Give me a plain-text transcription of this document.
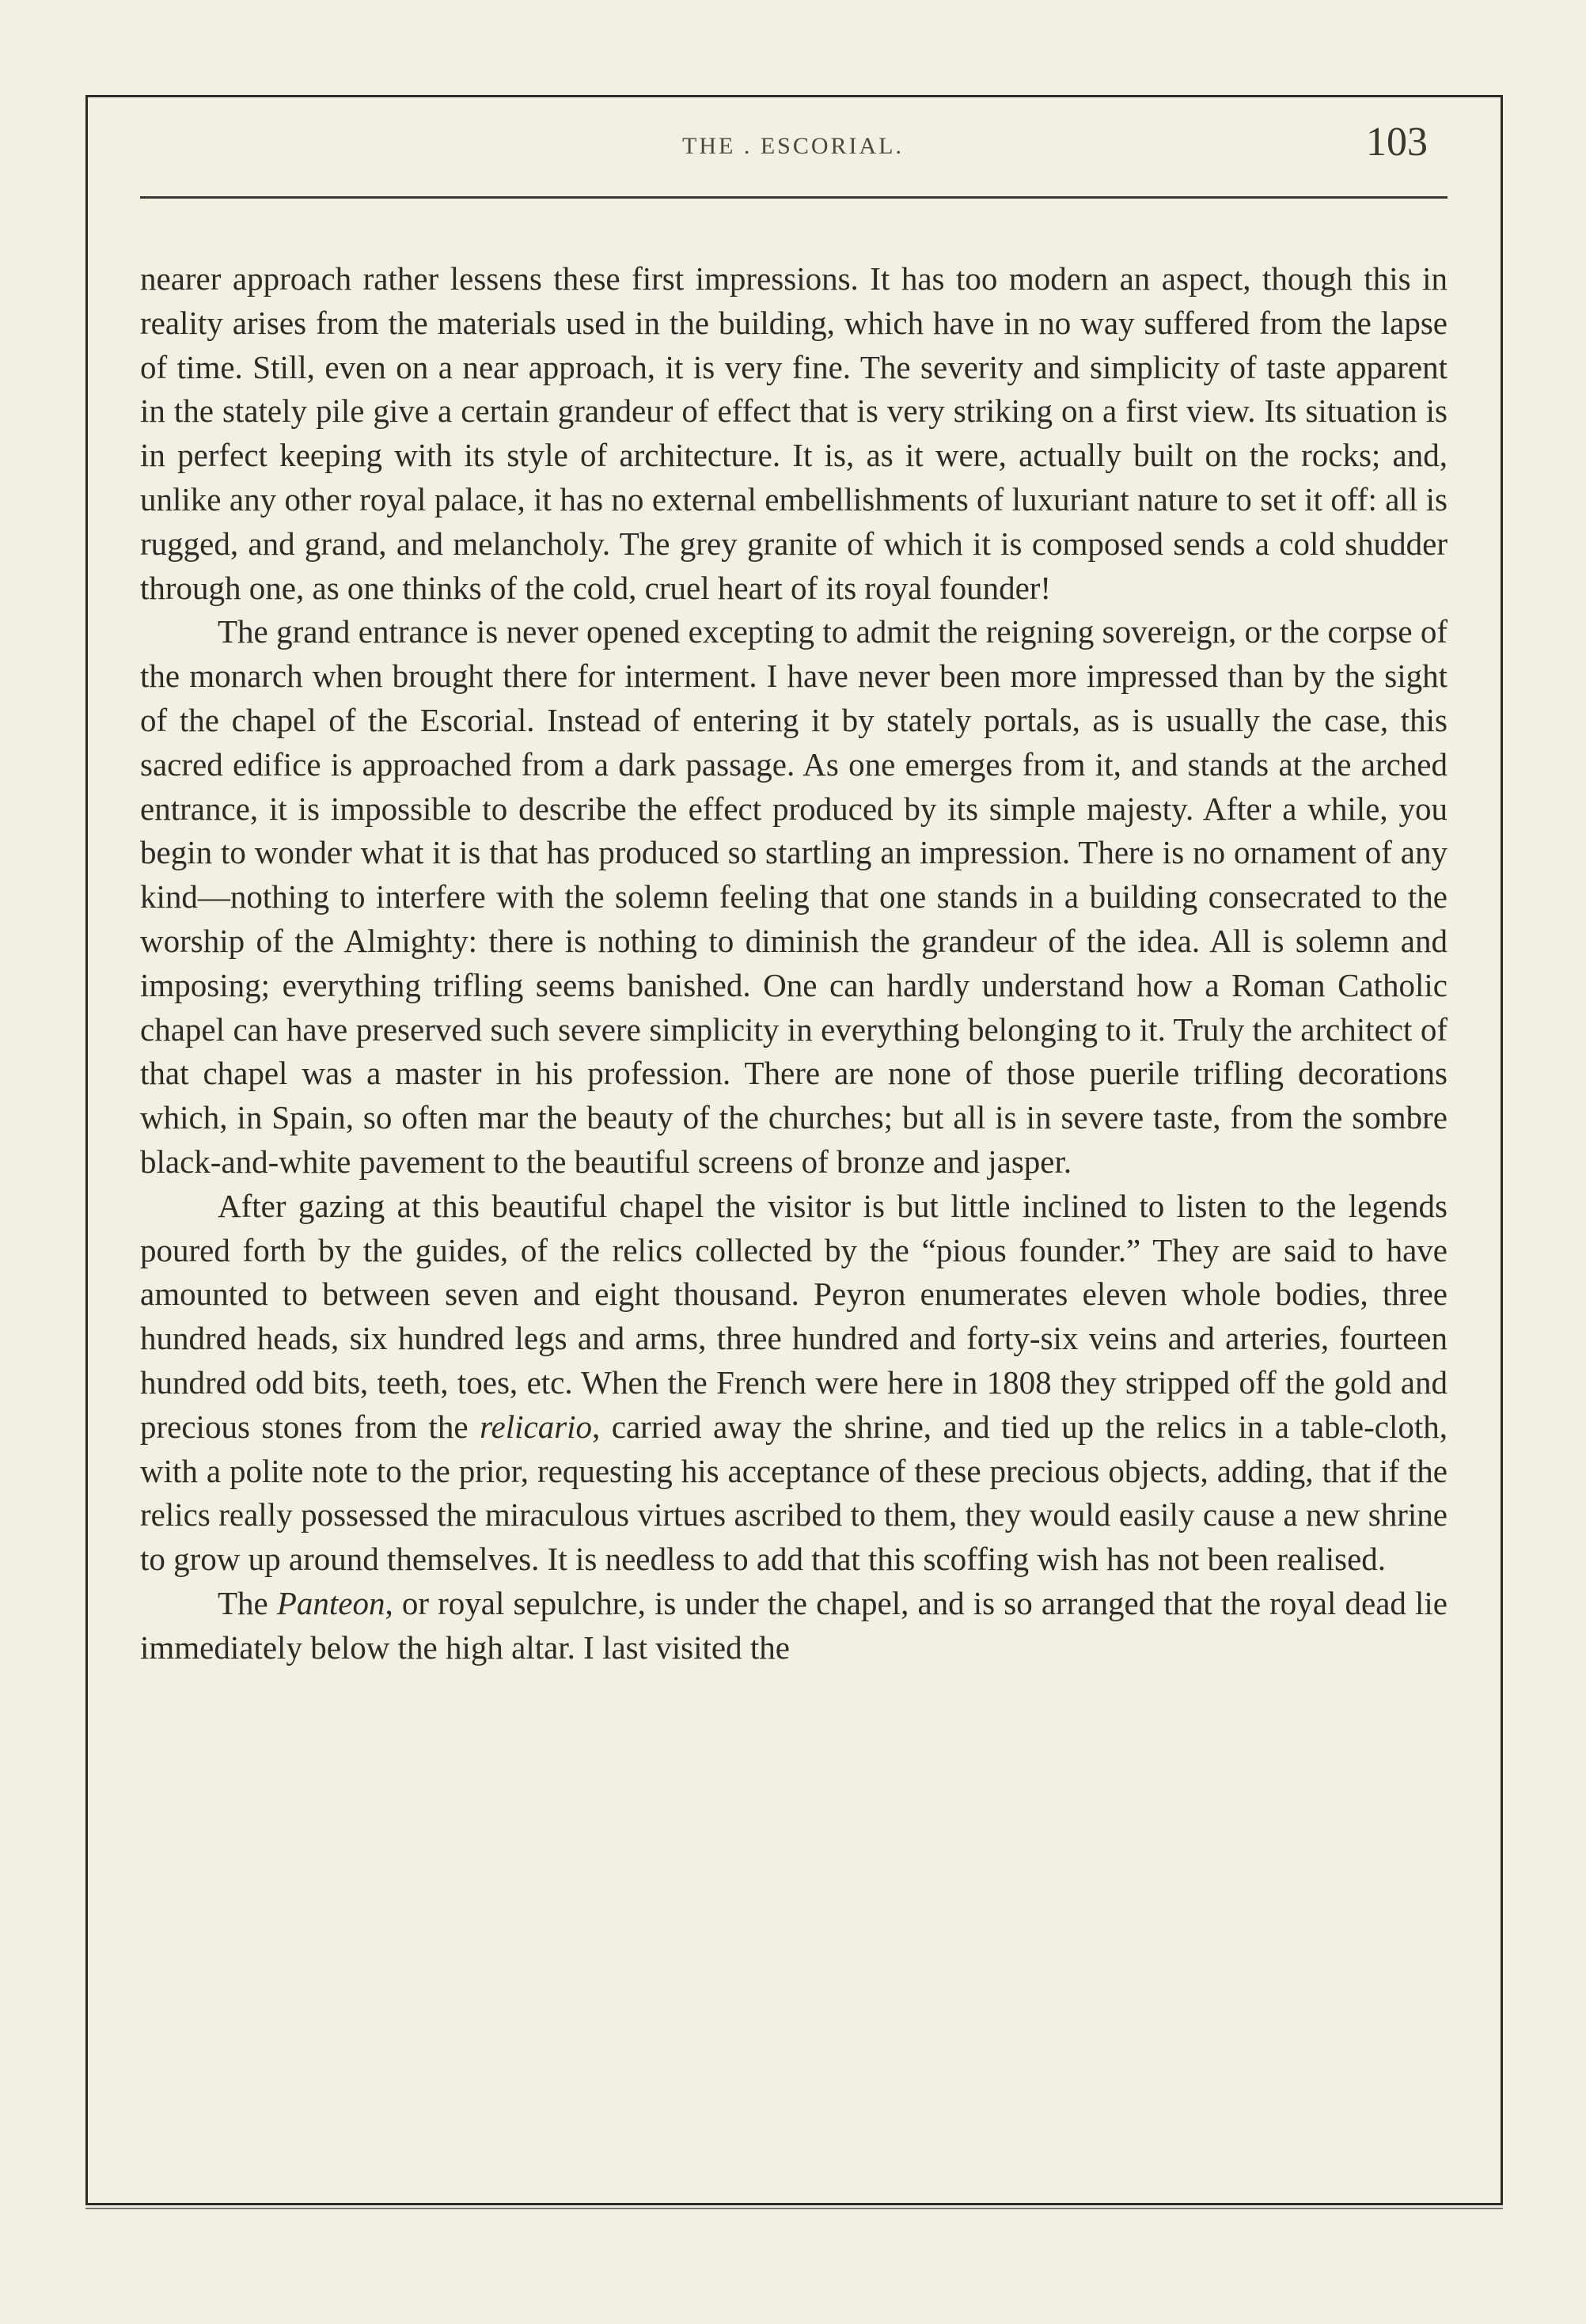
THE . ESCORIAL.	103

nearer approach rather lessens these first impressions. It has too modern an aspect, though this in reality arises from the materials used in the building, which have in no way suffered from the lapse of time. Still, even on a near approach, it is very fine. The severity and simplicity of taste apparent in the stately pile give a certain grandeur of effect that is very striking on a first view. Its situation is in perfect keeping with its style of architecture. It is, as it were, actually built on the rocks; and, unlike any other royal palace, it has no external embellishments of luxuriant nature to set it off: all is rugged, and grand, and melancholy. The grey granite of which it is composed sends a cold shudder through one, as one thinks of the cold, cruel heart of its royal founder!

The grand entrance is never opened excepting to admit the reigning sovereign, or the corpse of the monarch when brought there for interment. I have never been more impressed than by the sight of the chapel of the Escorial. Instead of entering it by stately portals, as is usually the case, this sacred edifice is approached from a dark passage. As one emerges from it, and stands at the arched entrance, it is impossible to describe the effect produced by its simple majesty. After a while, you begin to wonder what it is that has produced so startling an impression. There is no ornament of any kind—nothing to interfere with the solemn feeling that one stands in a building consecrated to the worship of the Almighty: there is nothing to diminish the grandeur of the idea. All is solemn and imposing; everything trifling seems banished. One can hardly understand how a Roman Catholic chapel can have preserved such severe simplicity in everything belonging to it. Truly the architect of that chapel was a master in his profession. There are none of those puerile trifling decorations which, in Spain, so often mar the beauty of the churches; but all is in severe taste, from the sombre black-and-white pavement to the beautiful screens of bronze and jasper.

After gazing at this beautiful chapel the visitor is but little inclined to listen to the legends poured forth by the guides, of the relics collected by the “pious founder.” They are said to have amounted to between seven and eight thousand. Peyron enumerates eleven whole bodies, three hundred heads, six hundred legs and arms, three hundred and forty-six veins and arteries, fourteen hundred odd bits, teeth, toes, etc. When the French were here in 1808 they stripped off the gold and precious stones from the relicario, carried away the shrine, and tied up the relics in a table-cloth, with a polite note to the prior, requesting his acceptance of these precious objects, adding, that if the relics really possessed the miraculous virtues ascribed to them, they would easily cause a new shrine to grow up around themselves. It is needless to add that this scoffing wish has not been realised.

The Panteon, or royal sepulchre, is under the chapel, and is so arranged that the royal dead lie immediately below the high altar. I last visited the
